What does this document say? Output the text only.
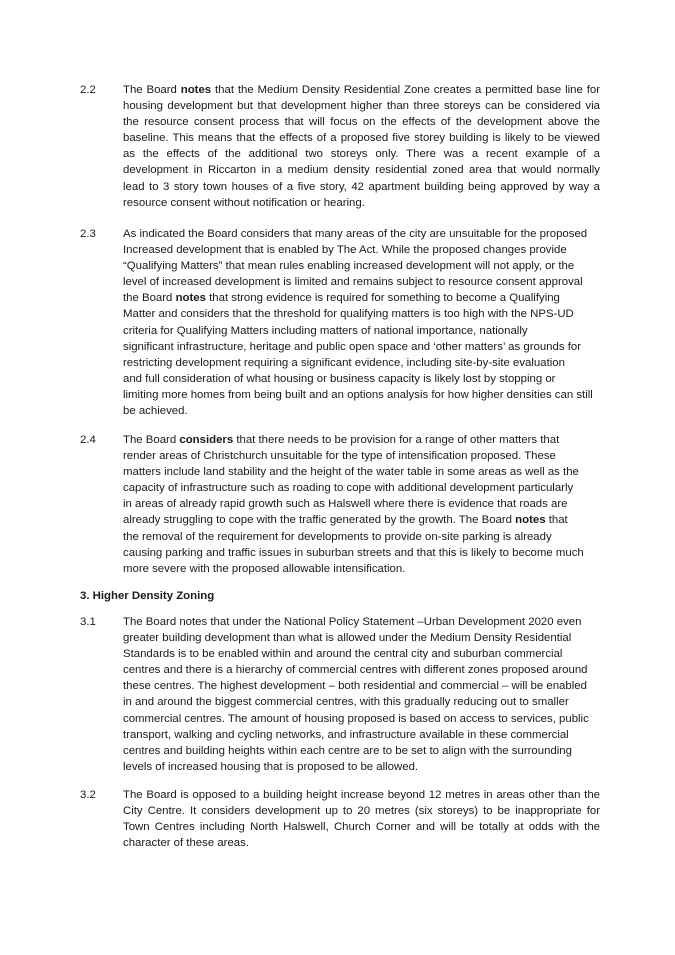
2.2	The Board notes that the Medium Density Residential Zone creates a permitted base line for
housing development but that development higher than three storeys can be considered via
the resource consent process that will focus on the effects of the development above the
baseline. This means that the effects of a proposed five storey building is likely to be viewed
as the effects of the additional two storeys only. There was a recent example of a
development in Riccarton in a medium density residential zoned area that would normally
lead to 3 story town houses of a five story, 42 apartment building being approved by way a
resource consent without notification or hearing.
2.3	As indicated the Board considers that many areas of the city are unsuitable for the proposed
Increased development that is enabled by The Act. While the proposed changes provide
“Qualifying Matters” that mean rules enabling increased development will not apply, or the
level of increased development is limited and remains subject to resource consent approval
the Board notes that strong evidence is required for something to become a Qualifying
Matter and considers that the threshold for qualifying matters is too high with the NPS-UD
criteria for Qualifying Matters including matters of national importance, nationally
significant infrastructure, heritage and public open space and ‘other matters’ as grounds for
restricting development requiring a significant evidence, including site-by-site evaluation
and full consideration of what housing or business capacity is likely lost by stopping or
limiting more homes from being built and an options analysis for how higher densities can still
be achieved.
2.4	The Board considers that there needs to be provision for a range of other matters that
render areas of Christchurch unsuitable for the type of intensification proposed. These
matters include land stability and the height of the water table in some areas as well as the
capacity of infrastructure such as roading to cope with additional development particularly
in areas of already rapid growth such as Halswell where there is evidence that roads are
already struggling to cope with the traffic generated by the growth. The Board notes that
the removal of the requirement for developments to provide on-site parking is already
causing parking and traffic issues in suburban streets and that this is likely to become much
more severe with the proposed allowable intensification.
3. Higher Density Zoning
3.1	The Board notes that under the National Policy Statement –Urban Development 2020 even
greater building development than what is allowed under the Medium Density Residential
Standards is to be enabled within and around the central city and suburban commercial
centres and there is a hierarchy of commercial centres with different zones proposed around
these centres. The highest development – both residential and commercial – will be enabled
in and around the biggest commercial centres, with this gradually reducing out to smaller
commercial centres. The amount of housing proposed is based on access to services, public
transport, walking and cycling networks, and infrastructure available in these commercial
centres and building heights within each centre are to be set to align with the surrounding
levels of increased housing that is proposed to be allowed.
3.2	The Board is opposed to a building height increase beyond 12 metres in areas other than the
City Centre. It considers development up to 20 metres (six storeys) to be inappropriate for
Town Centres including North Halswell, Church Corner and will be totally at odds with the
character of these areas.
